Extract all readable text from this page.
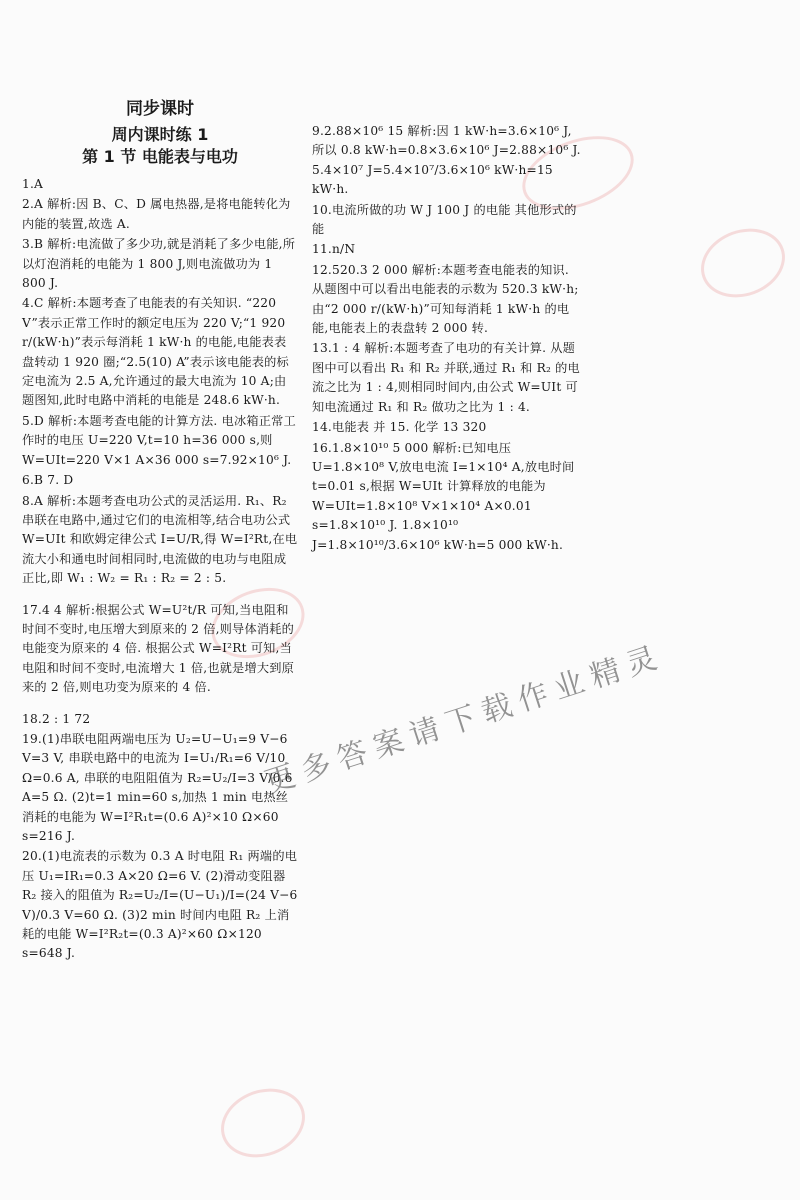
同步课时
周内课时练 1
第 1 节 电能表与电功
1.A
2.A 解析:因 B、C、D 属电热器,是将电能转化为内能的装置,故选 A.
3.B 解析:电流做了多少功,就是消耗了多少电能,所以灯泡消耗的电能为 1 800 J,则电流做功为 1 800 J.
4.C 解析:本题考查了电能表的有关知识. “220 V”表示正常工作时的额定电压为 220 V;“1 920 r/(kW·h)”表示每消耗 1 kW·h 的电能,电能表表盘转动 1 920 圈;“2.5(10) A”表示该电能表的标定电流为 2.5 A,允许通过的最大电流为 10 A;由题图知,此时电路中消耗的电能是 248.6 kW·h.
5.D 解析:本题考查电能的计算方法. 电冰箱正常工作时的电压 U=220 V,t=10 h=36 000 s,则 W=UIt=220 V×1 A×36 000 s=7.92×10⁶ J.
6.B 7. D
8.A 解析:本题考查电功公式的灵活运用. R₁、R₂ 串联在电路中,通过它们的电流相等,结合电功公式 W=UIt 和欧姆定律公式 I=U/R,得 W=I²Rt,在电流大小和通电时间相同时,电流做的电功与电阻成正比,即 W₁ : W₂ = R₁ : R₂ = 2 : 5.
17.4 4 解析:根据公式 W=U²t/R 可知,当电阻和时间不变时,电压增大到原来的 2 倍,则导体消耗的电能变为原来的 4 倍. 根据公式 W=I²Rt 可知,当电阻和时间不变时,电流增大 1 倍,也就是增大到原来的 2 倍,则电功变为原来的 4 倍.
18.2 : 1 72
19.(1)串联电阻两端电压为 U₂=U−U₁=9 V−6 V=3 V, 串联电路中的电流为 I=U₁/R₁=6 V/10 Ω=0.6 A, 串联的电阻阻值为 R₂=U₂/I=3 V/0.6 A=5 Ω. (2)t=1 min=60 s,加热 1 min 电热丝消耗的电能为 W=I²R₁t=(0.6 A)²×10 Ω×60 s=216 J.
20.(1)电流表的示数为 0.3 A 时电阻 R₁ 两端的电压 U₁=IR₁=0.3 A×20 Ω=6 V. (2)滑动变阻器 R₂ 接入的阻值为 R₂=U₂/I=(U−U₁)/I=(24 V−6 V)/0.3 V=60 Ω. (3)2 min 时间内电阻 R₂ 上消耗的电能 W=I²R₂t=(0.3 A)²×60 Ω×120 s=648 J.
9.2.88×10⁶ 15 解析:因 1 kW·h=3.6×10⁶ J,所以 0.8 kW·h=0.8×3.6×10⁶ J=2.88×10⁶ J. 5.4×10⁷ J=5.4×10⁷/3.6×10⁶ kW·h=15 kW·h.
10.电流所做的功 W J 100 J 的电能 其他形式的能
11.n/N
12.520.3 2 000 解析:本题考查电能表的知识. 从题图中可以看出电能表的示数为 520.3 kW·h;由“2 000 r/(kW·h)”可知每消耗 1 kW·h 的电能,电能表上的表盘转 2 000 转.
13.1 : 4 解析:本题考查了电功的有关计算. 从题图中可以看出 R₁ 和 R₂ 并联,通过 R₁ 和 R₂ 的电流之比为 1 : 4,则相同时间内,由公式 W=UIt 可知电流通过 R₁ 和 R₂ 做功之比为 1 : 4.
14.电能表 并 15. 化学 13 320
16.1.8×10¹⁰ 5 000 解析:已知电压 U=1.8×10⁸ V,放电电流 I=1×10⁴ A,放电时间 t=0.01 s,根据 W=UIt 计算释放的电能为 W=UIt=1.8×10⁸ V×1×10⁴ A×0.01 s=1.8×10¹⁰ J. 1.8×10¹⁰ J=1.8×10¹⁰/3.6×10⁶ kW·h=5 000 kW·h.
更多答案请下载作业精灵
